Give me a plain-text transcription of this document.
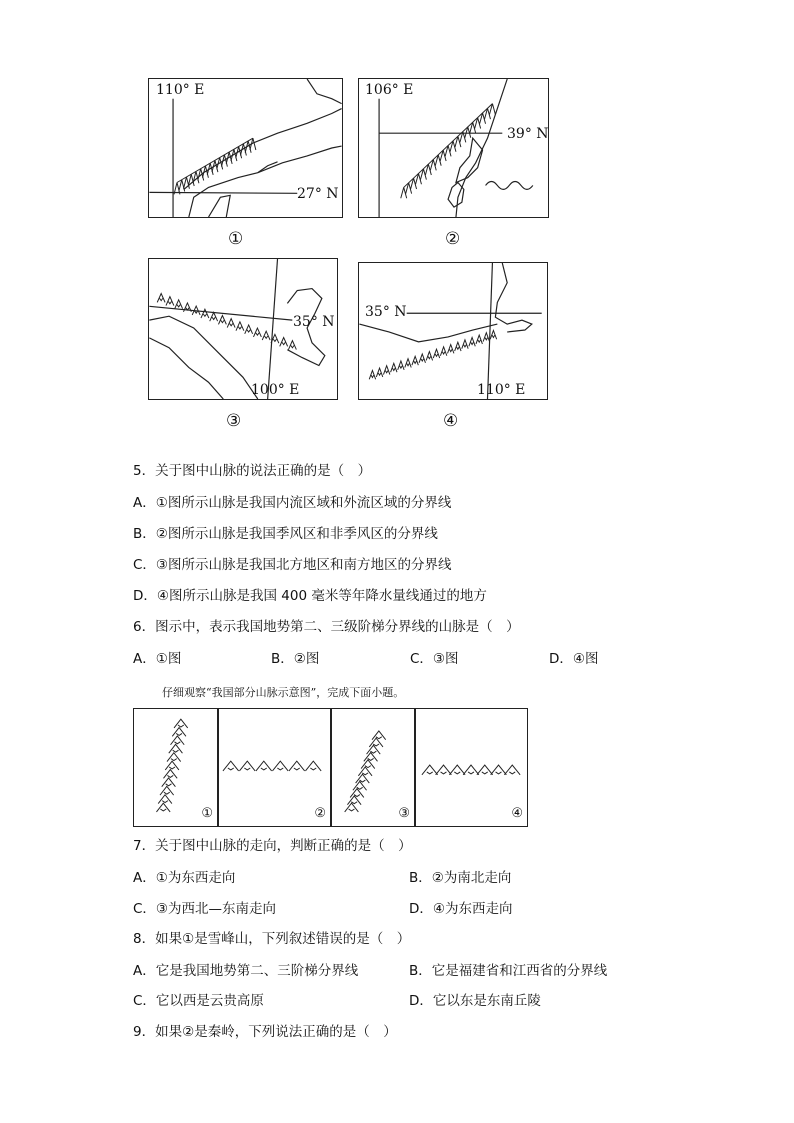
110° E
27° N
①
106° E
39° N
②
35° N
100° E
③
35° N
110° E
④
5．关于图中山脉的说法正确的是（　）
A．①图所示山脉是我国内流区域和外流区域的分界线
B．②图所示山脉是我国季风区和非季风区的分界线
C．③图所示山脉是我国北方地区和南方地区的分界线
D．④图所示山脉是我国 400 毫米等年降水量线通过的地方
6．图示中，表示我国地势第二、三级阶梯分界线的山脉是（　）
A．①图	B．②图	C．③图	D．④图
仔细观察“我国部分山脉示意图”，完成下面小题。
①	②	③	④
7．关于图中山脉的走向，判断正确的是（　）
A．①为东西走向	B．②为南北走向
C．③为西北—东南走向	D．④为东西走向
8．如果①是雪峰山，下列叙述错误的是（　）
A．它是我国地势第二、三阶梯分界线	B．它是福建省和江西省的分界线
C．它以西是云贵高原	D．它以东是东南丘陵
9．如果②是秦岭，下列说法正确的是（　）
